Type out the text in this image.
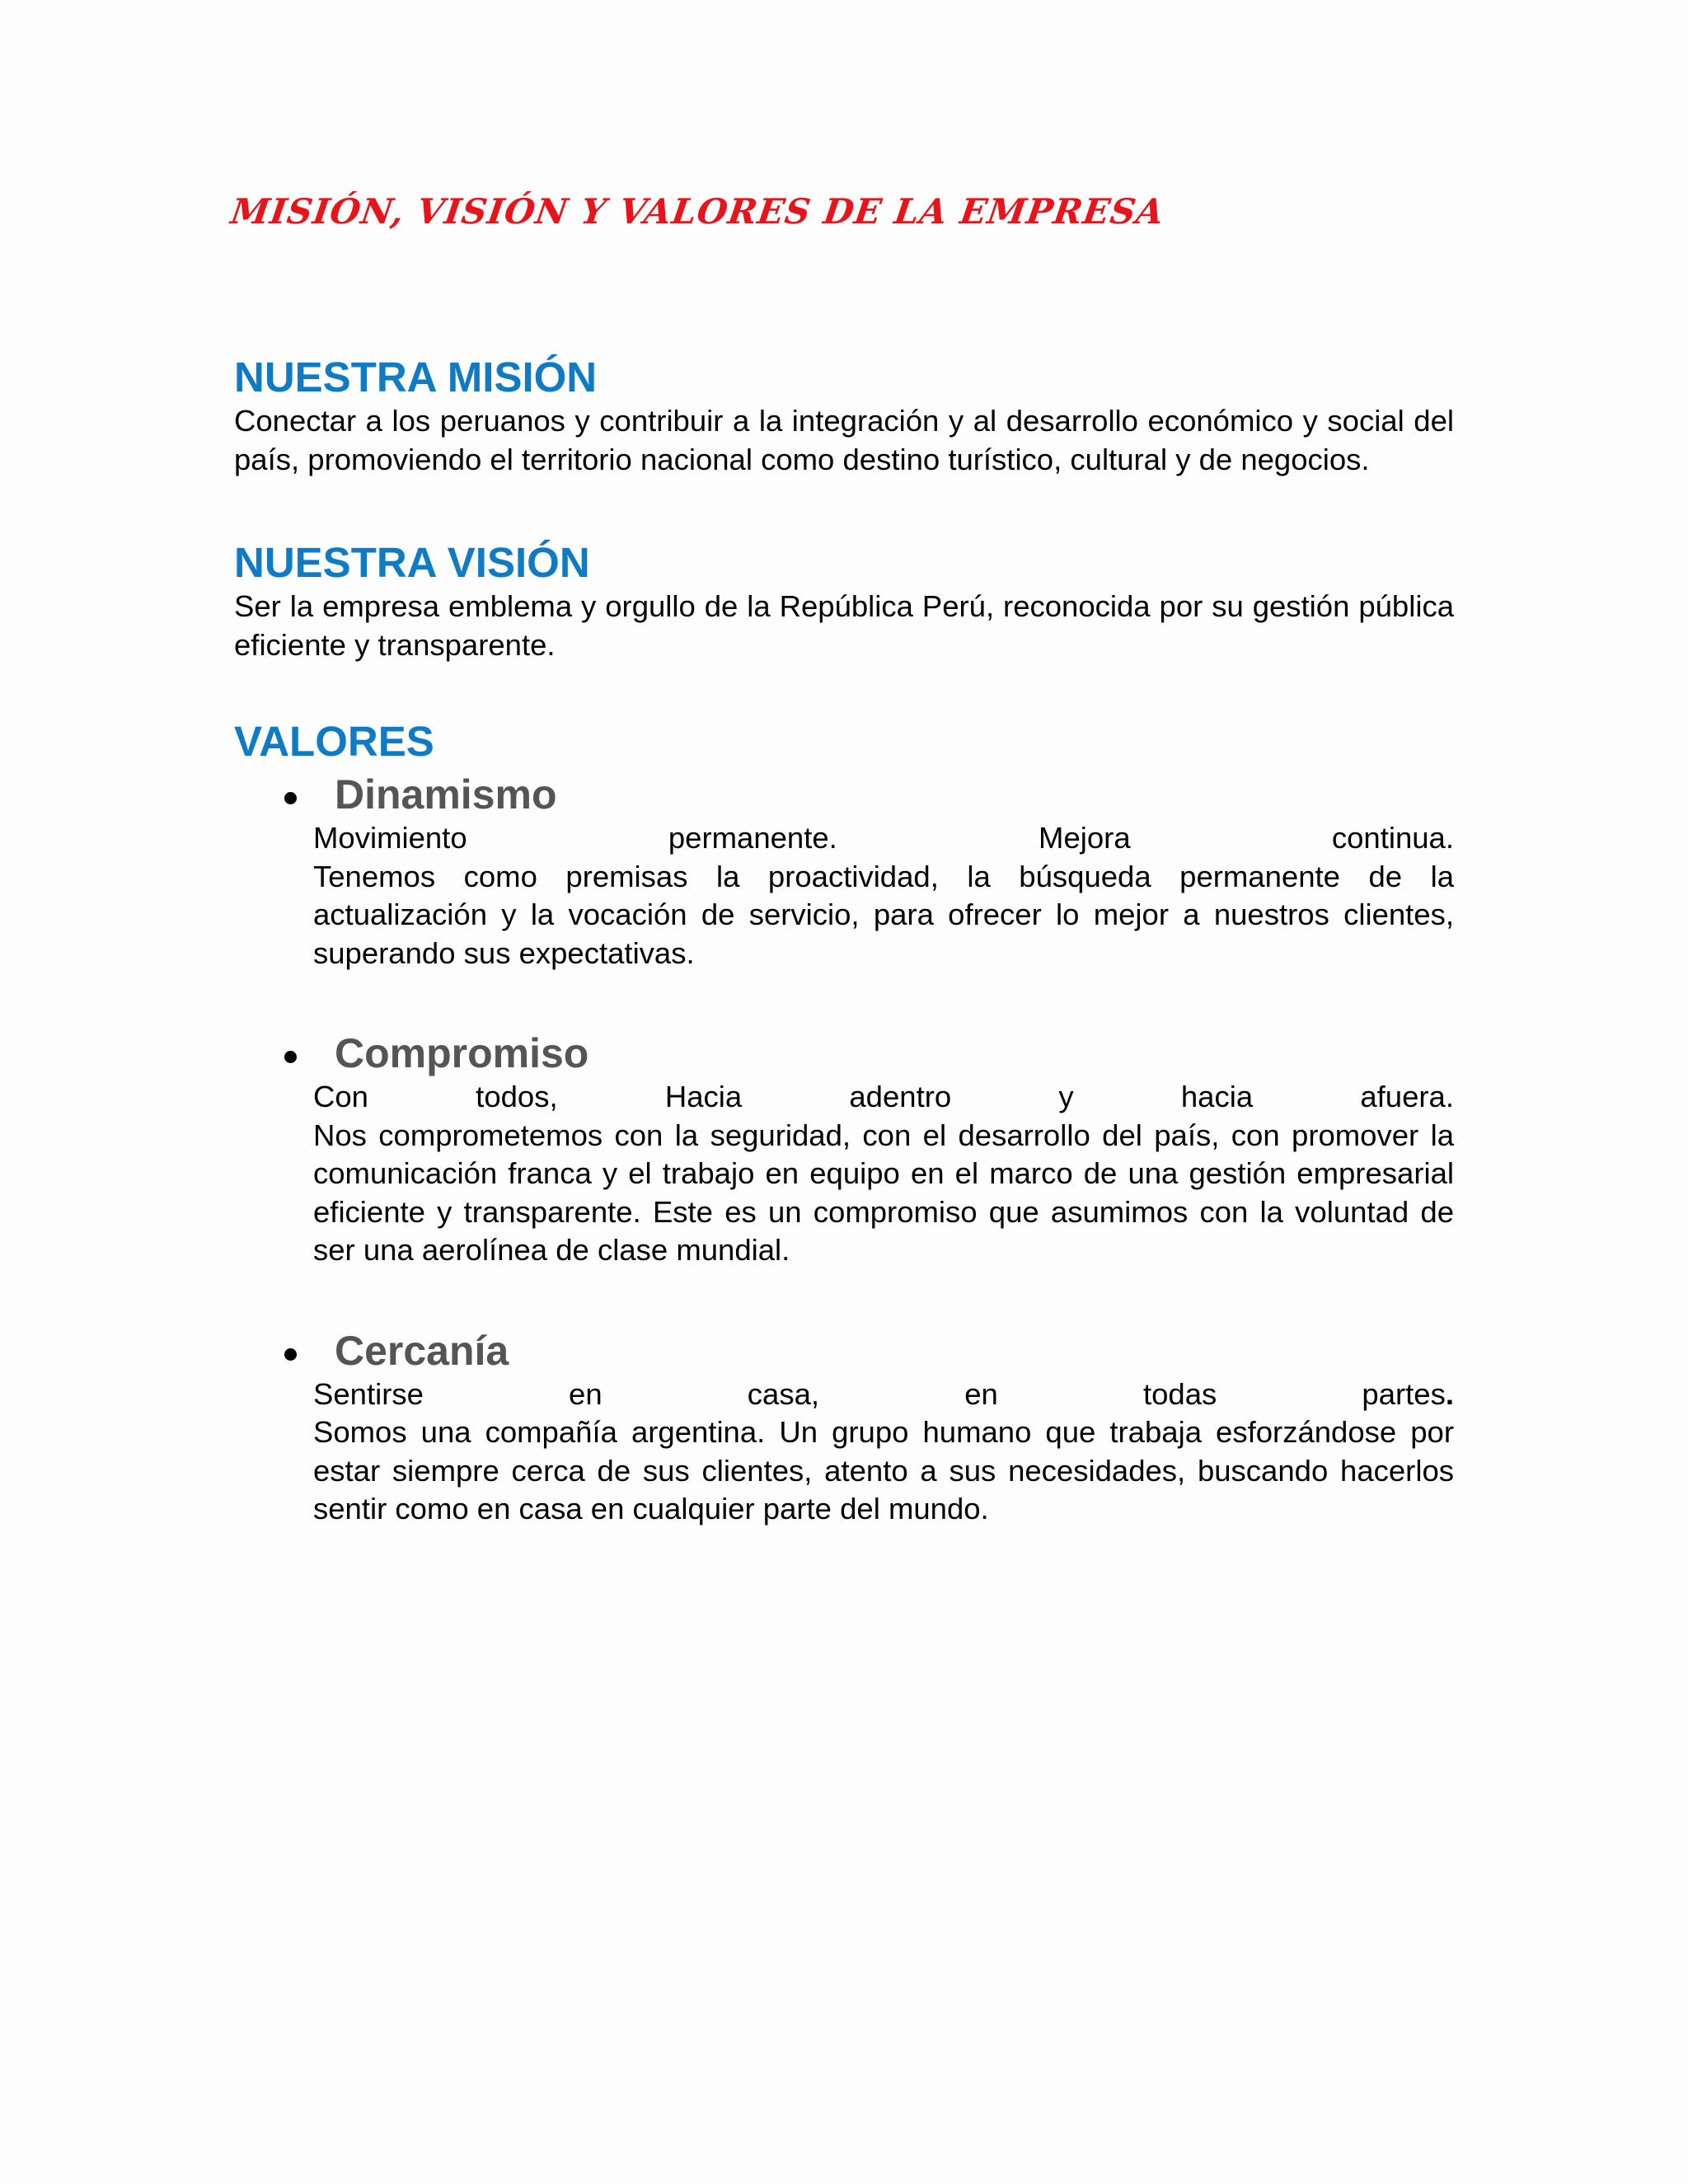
MISIÓN, VISIÓN Y VALORES DE LA EMPRESA
NUESTRA MISIÓN

Conectar a los peruanos y contribuir a la integración y al desarrollo económico y social del país, promoviendo el territorio nacional como destino turístico, cultural y de negocios.

NUESTRA VISIÓN

Ser la empresa emblema y orgullo de la República Perú, reconocida por su gestión pública eficiente y transparente.

VALORES
Dinamismo

Movimiento permanente. Mejora continua.

Tenemos como premisas la proactividad, la búsqueda permanente de la actualización y la vocación de servicio, para ofrecer lo mejor a nuestros clientes, superando sus expectativas.

Compromiso

Con todos, Hacia adentro y hacia afuera.

Nos comprometemos con la seguridad, con el desarrollo del país, con promover la comunicación franca y el trabajo en equipo en el marco de una gestión empresarial eficiente y transparente. Este es un compromiso que asumimos con la voluntad de ser una aerolínea de clase mundial.

Cercanía

Sentirse en casa, en todas partes.

Somos una compañía argentina. Un grupo humano que trabaja esforzándose por estar siempre cerca de sus clientes, atento a sus necesidades, buscando hacerlos sentir como en casa en cualquier parte del mundo.
